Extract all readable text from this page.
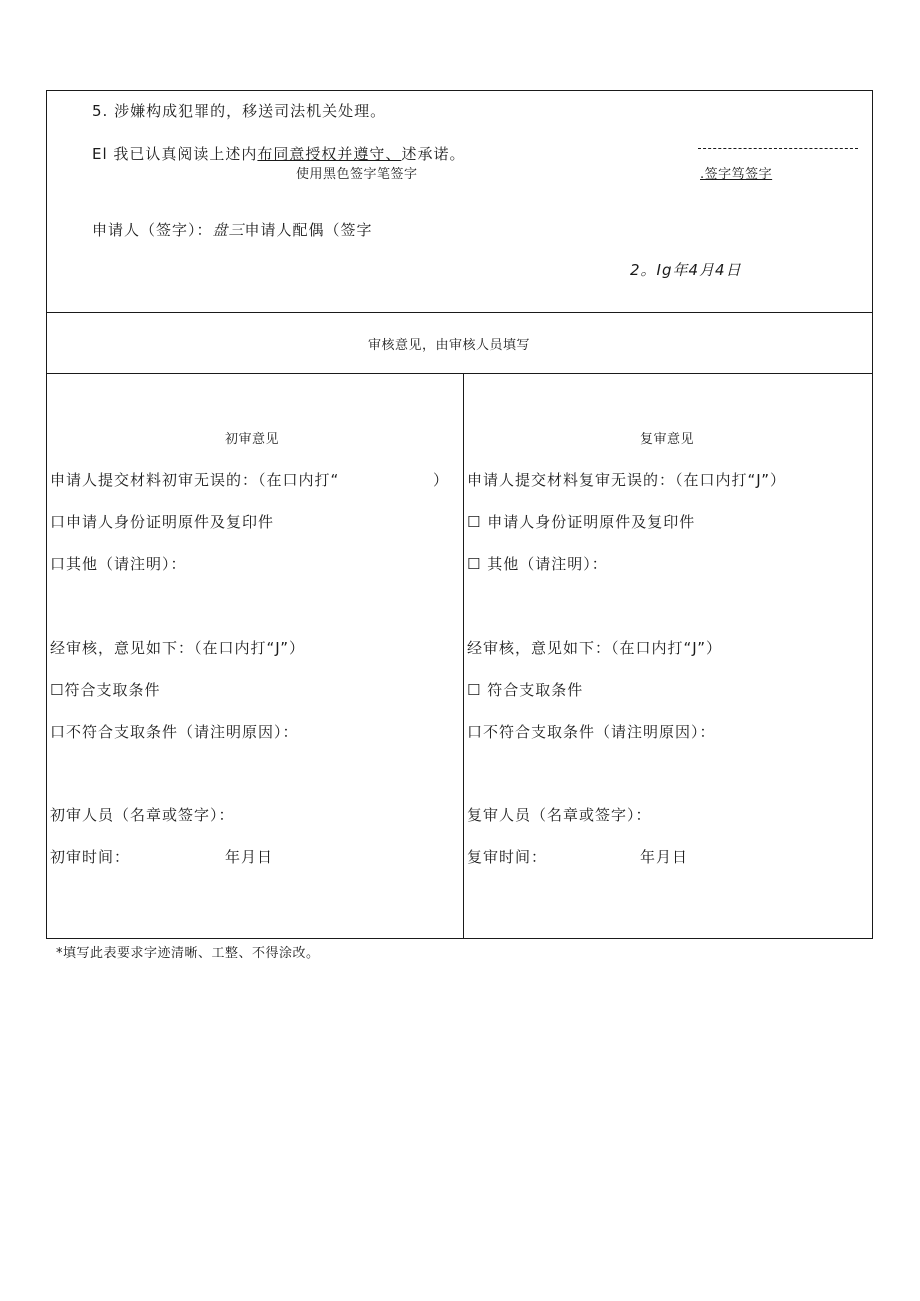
5. 涉嫌构成犯罪的，移送司法机关处理。
El 我已认真阅读上述内布同意授权并遵守、述承诺。
使用黑色签字笔签字	.签字笃签字
申请人（签字）：盘三申请人配偶（签字
2。Ig年4月4日
审核意见，由审核人员填写
初审意见
申请人提交材料初审无误的：（在口内打“	）
口申请人身份证明原件及复印件
口其他（请注明）：
经审核，意见如下：（在口内打“J”）
☐符合支取条件
口不符合支取条件（请注明原因）：
初审人员（名章或签字）：
初审时间：	年月日
复审意见
申请人提交材料复审无误的：（在口内打“J”）
☐ 申请人身份证明原件及复印件
☐ 其他（请注明）：
经审核，意见如下：（在口内打“J”）
☐ 符合支取条件
口不符合支取条件（请注明原因）：
复审人员（名章或签字）：
复审时间：	年月日
*填写此表要求字迹清晰、工整、不得涂改。
